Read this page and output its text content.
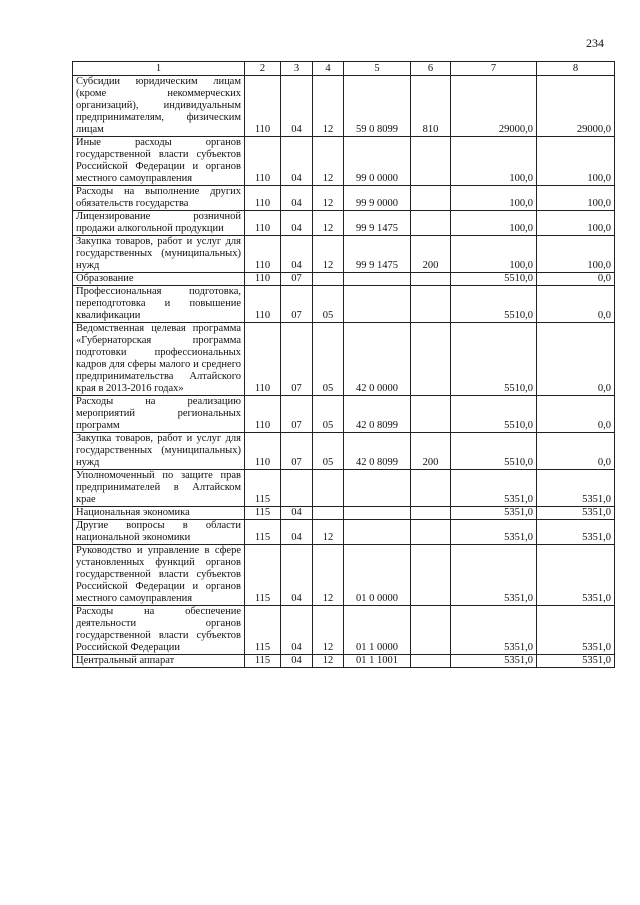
234
1	2	3	4	5	6	7	8
Субсидии юридическим лицам (кроме некоммерческих организаций), индивидуальным предпринимателям, физическим лицам	110	04	12	59 0 8099	810	29000,0	29000,0
Иные расходы органов государственной власти субъектов Российской Федерации и органов местного самоуправления	110	04	12	99 0 0000		100,0	100,0
Расходы на выполнение других обязательств государства	110	04	12	99 9 0000		100,0	100,0
Лицензирование розничной продажи алкогольной продукции	110	04	12	99 9 1475		100,0	100,0
Закупка товаров, работ и услуг для государственных (муниципальных) нужд	110	04	12	99 9 1475	200	100,0	100,0
Образование	110	07				5510,0	0,0
Профессиональная подготовка, переподготовка и повышение квалификации	110	07	05			5510,0	0,0
Ведомственная целевая программа «Губернаторская программа подготовки профессиональных кадров для сферы малого и среднего предпринимательства Алтайского края в 2013-2016 годах»	110	07	05	42 0 0000		5510,0	0,0
Расходы на реализацию мероприятий региональных программ	110	07	05	42 0 8099		5510,0	0,0
Закупка товаров, работ и услуг для государственных (муниципальных) нужд	110	07	05	42 0 8099	200	5510,0	0,0
Уполномоченный по защите прав предпринимателей в Алтайском крае	115					5351,0	5351,0
Национальная экономика	115	04				5351,0	5351,0
Другие вопросы в области национальной экономики	115	04	12			5351,0	5351,0
Руководство и управление в сфере установленных функций органов государственной власти субъектов Российской Федерации и органов местного самоуправления	115	04	12	01 0 0000		5351,0	5351,0
Расходы на обеспечение деятельности органов государственной власти субъектов Российской Федерации	115	04	12	01 1 0000		5351,0	5351,0
Центральный аппарат	115	04	12	01 1 1001		5351,0	5351,0
